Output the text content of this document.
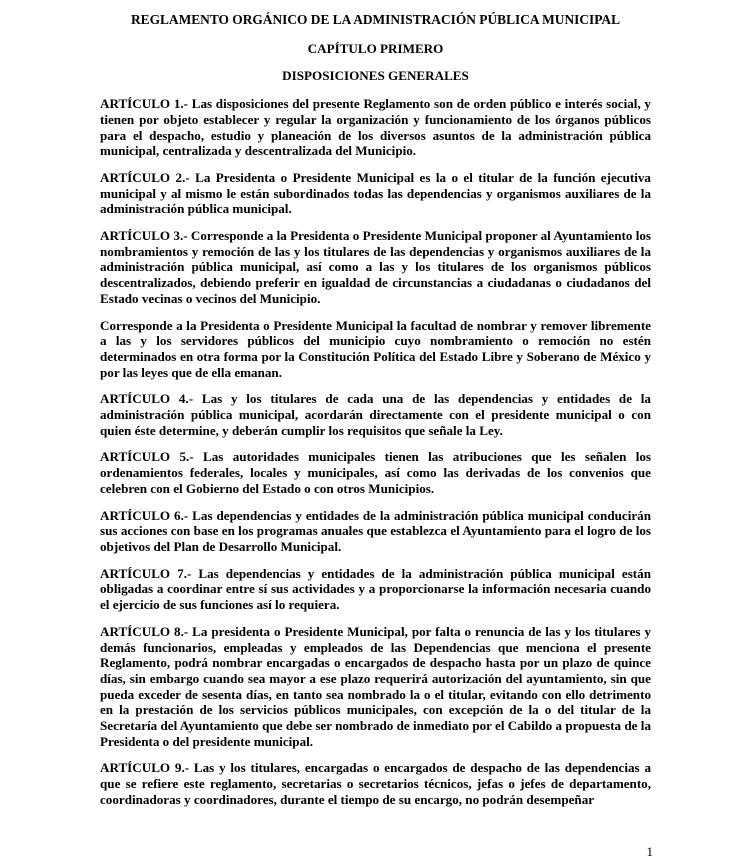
REGLAMENTO ORGÁNICO DE LA ADMINISTRACIÓN PÚBLICA MUNICIPAL
CAPÍTULO PRIMERO
DISPOSICIONES GENERALES

ARTÍCULO 1.- Las disposiciones del presente Reglamento son de orden público e interés social, y tienen por objeto establecer y regular la organización y funcionamiento de los órganos públicos para el despacho, estudio y planeación de los diversos asuntos de la administración pública municipal, centralizada y descentralizada del Municipio.

ARTÍCULO 2.- La Presidenta o Presidente Municipal es la o el titular de la función ejecutiva municipal y al mismo le están subordinados todas las dependencias y organismos auxiliares de la administración pública municipal.

ARTÍCULO 3.- Corresponde a la Presidenta o Presidente Municipal proponer al Ayuntamiento los nombramientos y remoción de las y los titulares de las dependencias y organismos auxiliares de la administración pública municipal, así como a las y los titulares de los organismos públicos descentralizados, debiendo preferir en igualdad de circunstancias a ciudadanas o ciudadanos del Estado vecinas o vecinos del Municipio.

Corresponde a la Presidenta o Presidente Municipal la facultad de nombrar y remover libremente a las y los servidores públicos del municipio cuyo nombramiento o remoción no estén determinados en otra forma por la Constitución Política del Estado Libre y Soberano de México y por las leyes que de ella emanan.

ARTÍCULO 4.- Las y los titulares de cada una de las dependencias y entidades de la administración pública municipal, acordarán directamente con el presidente municipal o con quien éste determine, y deberán cumplir los requisitos que señale la Ley.

ARTÍCULO 5.- Las autoridades municipales tienen las atribuciones que les señalen los ordenamientos federales, locales y municipales, así como las derivadas de los convenios que celebren con el Gobierno del Estado o con otros Municipios.

ARTÍCULO 6.- Las dependencias y entidades de la administración pública municipal conducirán sus acciones con base en los programas anuales que establezca el Ayuntamiento para el logro de los objetivos del Plan de Desarrollo Municipal.

ARTÍCULO 7.- Las dependencias y entidades de la administración pública municipal están obligadas a coordinar entre sí sus actividades y a proporcionarse la información necesaria cuando el ejercicio de sus funciones así lo requiera.

ARTÍCULO 8.- La presidenta o Presidente Municipal, por falta o renuncia de las y los titulares y demás funcionarios, empleadas y empleados de las Dependencias que menciona el presente Reglamento, podrá nombrar encargadas o encargados de despacho hasta por un plazo de quince días, sin embargo cuando sea mayor a ese plazo requerirá autorización del ayuntamiento, sin que pueda exceder de sesenta días, en tanto sea nombrado la o el titular, evitando con ello detrimento en la prestación de los servicios públicos municipales, con excepción de la o del titular de la Secretaría del Ayuntamiento que debe ser nombrado de inmediato por el Cabildo a propuesta de la Presidenta o del presidente municipal.

ARTÍCULO 9.- Las y los titulares, encargadas o encargados de despacho de las dependencias a que se refiere este reglamento, secretarias o secretarios técnicos, jefas o jefes de departamento, coordinadoras y coordinadores, durante el tiempo de su encargo, no podrán desempeñar

1
